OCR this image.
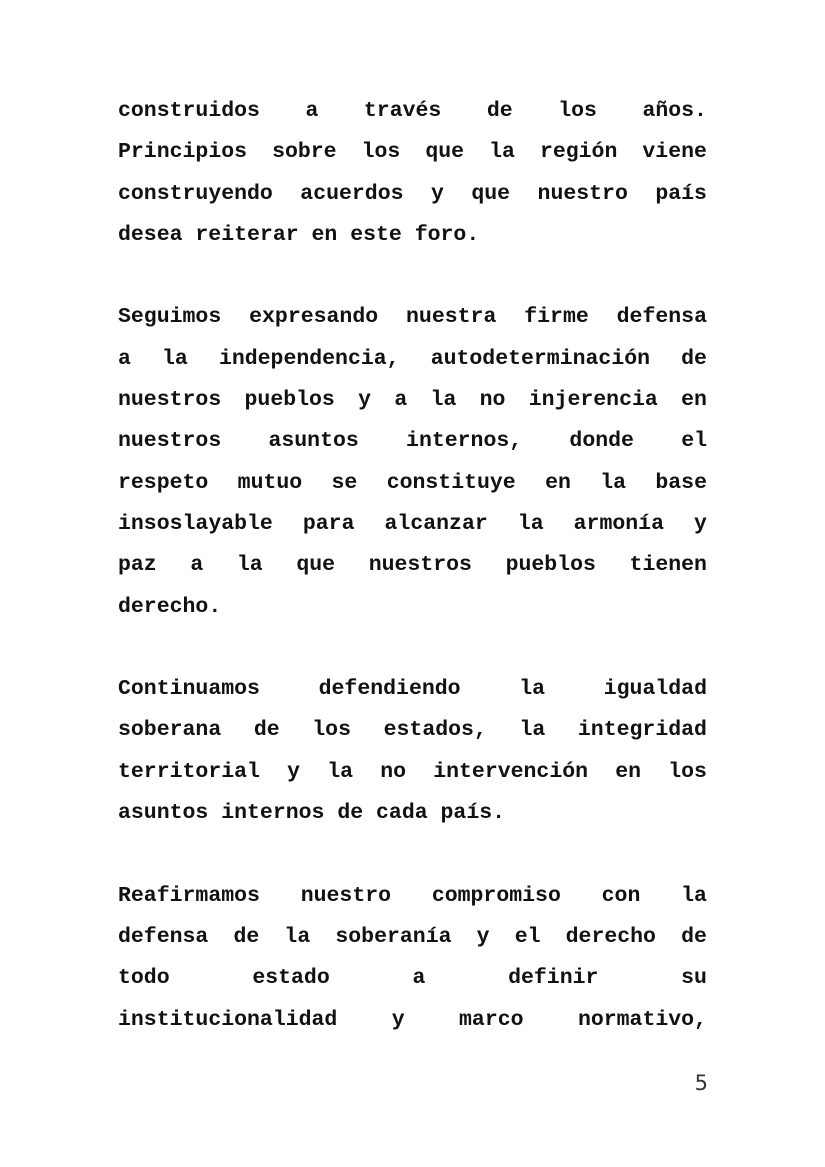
construidos a través de los años.
Principios sobre los que la región viene
construyendo acuerdos y que nuestro país
desea reiterar en este foro.
Seguimos expresando nuestra firme defensa
a la independencia, autodeterminación de
nuestros pueblos y a la no injerencia en
nuestros asuntos internos, donde el
respeto mutuo se constituye en la base
insoslayable para alcanzar la armonía y
paz a la que nuestros pueblos tienen
derecho.
Continuamos	defendiendo	la	igualdad
soberana de los estados, la integridad
territorial y la no intervención en los
asuntos internos de cada país.
Reafirmamos nuestro compromiso con la
defensa de la soberanía y el derecho de
todo	estado	a	definir	su
institucionalidad	y	marco	normativo,
5
